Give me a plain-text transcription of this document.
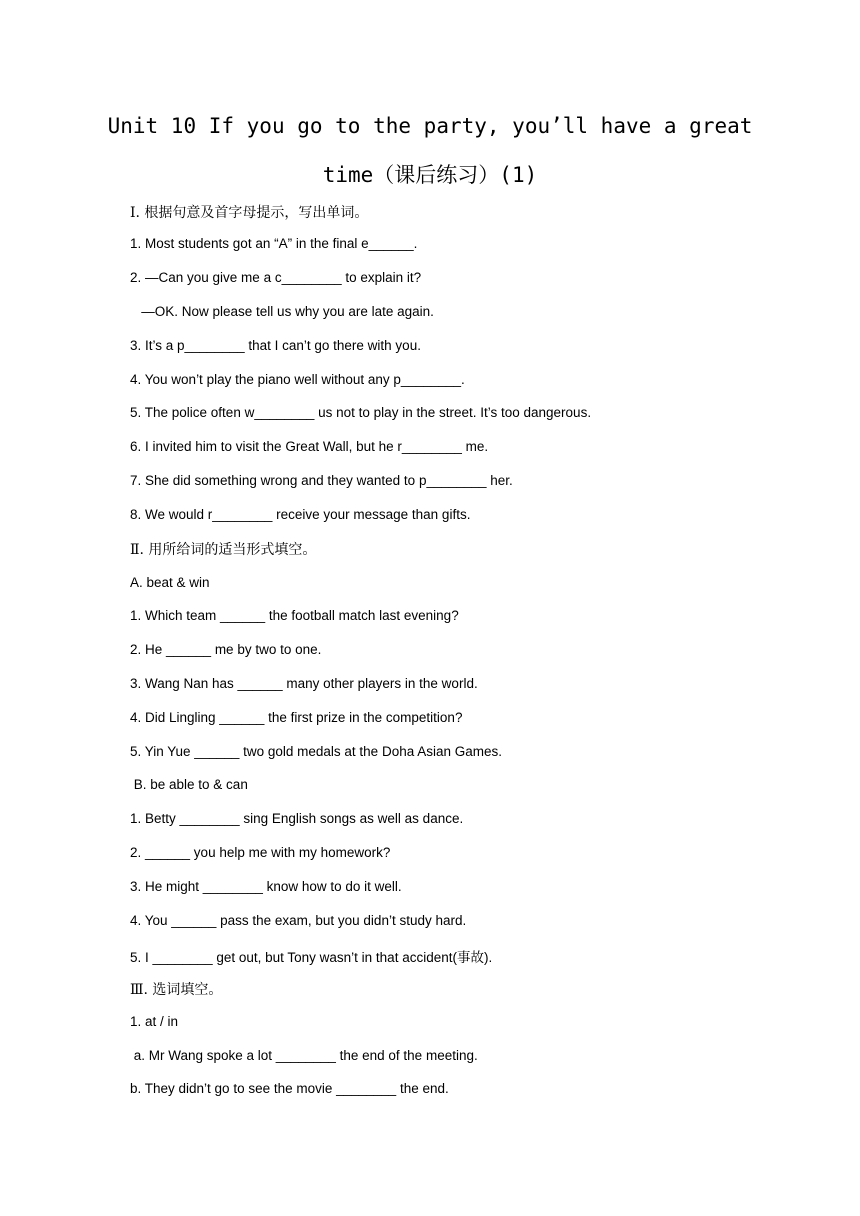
Unit 10 If you go to the party, you’ll have a great
time（课后练习）(1)
Ⅰ. 根据句意及首字母提示，写出单词。
1. Most students got an “A” in the final e______.
2. —Can you give me a c________ to explain it?
—OK. Now please tell us why you are late again.
3. It’s a p________ that I can’t go there with you.
4. You won’t play the piano well without any p________.
5. The police often w________ us not to play in the street. It’s too dangerous.
6. I invited him to visit the Great Wall, but he r________ me.
7. She did something wrong and they wanted to p________ her.
8. We would r________ receive your message than gifts.
Ⅱ. 用所给词的适当形式填空。
A. beat & win
1. Which team ______ the football match last evening?
2. He ______ me by two to one.
3. Wang Nan has ______ many other players in the world.
4. Did Lingling ______ the first prize in the competition?
5. Yin Yue ______ two gold medals at the Doha Asian Games.
B. be able to & can
1. Betty ________ sing English songs as well as dance.
2. ______ you help me with my homework?
3. He might ________ know how to do it well.
4. You ______ pass the exam, but you didn’t study hard.
5. I ________ get out, but Tony wasn’t in that accident(事故).
Ⅲ. 选词填空。
1. at / in
a. Mr Wang spoke a lot ________ the end of the meeting.
b. They didn’t go to see the movie ________ the end.
